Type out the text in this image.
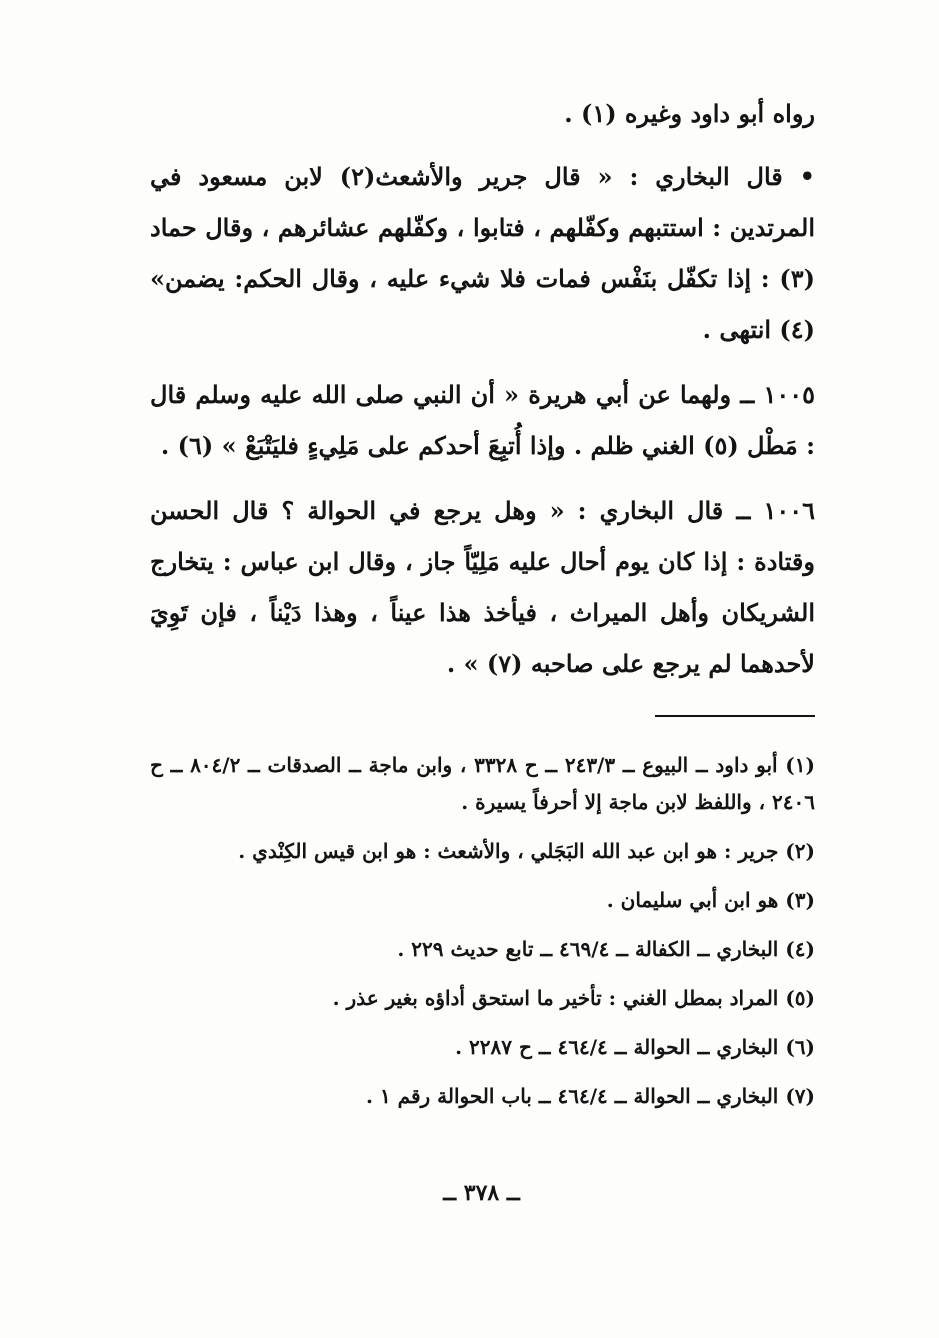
رواه أبو داود وغيره (١) .

• قال البخاري : « قال جرير والأشعث(٢) لابن مسعود في المرتدين : استتبهم وكفّلهم ، فتابوا ، وكفّلهم عشائرهم ، وقال حماد (٣) : إذا تكفّل بنَفْس فمات فلا شيء عليه ، وقال الحكم: يضمن» (٤) انتهى .

١٠٠٥ ــ ولهما عن أبي هريرة « أن النبي صلى الله عليه وسلم قال : مَطْل (٥) الغني ظلم . وإذا أُتبِعَ أحدكم على مَلِيءٍ فليَتْبَعْ » (٦) .

١٠٠٦ ــ قال البخاري : « وهل يرجع في الحوالة ؟ قال الحسن وقتادة : إذا كان يوم أحال عليه مَلِيّاً جاز ، وقال ابن عباس : يتخارج الشريكان وأهل الميراث ، فيأخذ هذا عيناً ، وهذا دَيْناً ، فإن تَوِيَ لأحدهما لم يرجع على صاحبه (٧) » .

(١) أبو داود ــ البيوع ــ ٢٤٣/٣ ــ ح ٣٣٢٨ ، وابن ماجة ــ الصدقات ــ ٨٠٤/٢ ــ ح ٢٤٠٦ ، واللفظ لابن ماجة إلا أحرفاً يسيرة .

(٢) جرير : هو ابن عبد الله البَجَلي ، والأشعث : هو ابن قيس الكِنْدي .

(٣) هو ابن أبي سليمان .

(٤) البخاري ــ الكفالة ــ ٤٦٩/٤ ــ تابع حديث ٢٢٩ .

(٥) المراد بمطل الغني : تأخير ما استحق أداؤه بغير عذر .

(٦) البخاري ــ الحوالة ــ ٤٦٤/٤ ــ ح ٢٢٨٧ .

(٧) البخاري ــ الحوالة ــ ٤٦٤/٤ ــ باب الحوالة رقم ١ .

ــ ٣٧٨ ــ
